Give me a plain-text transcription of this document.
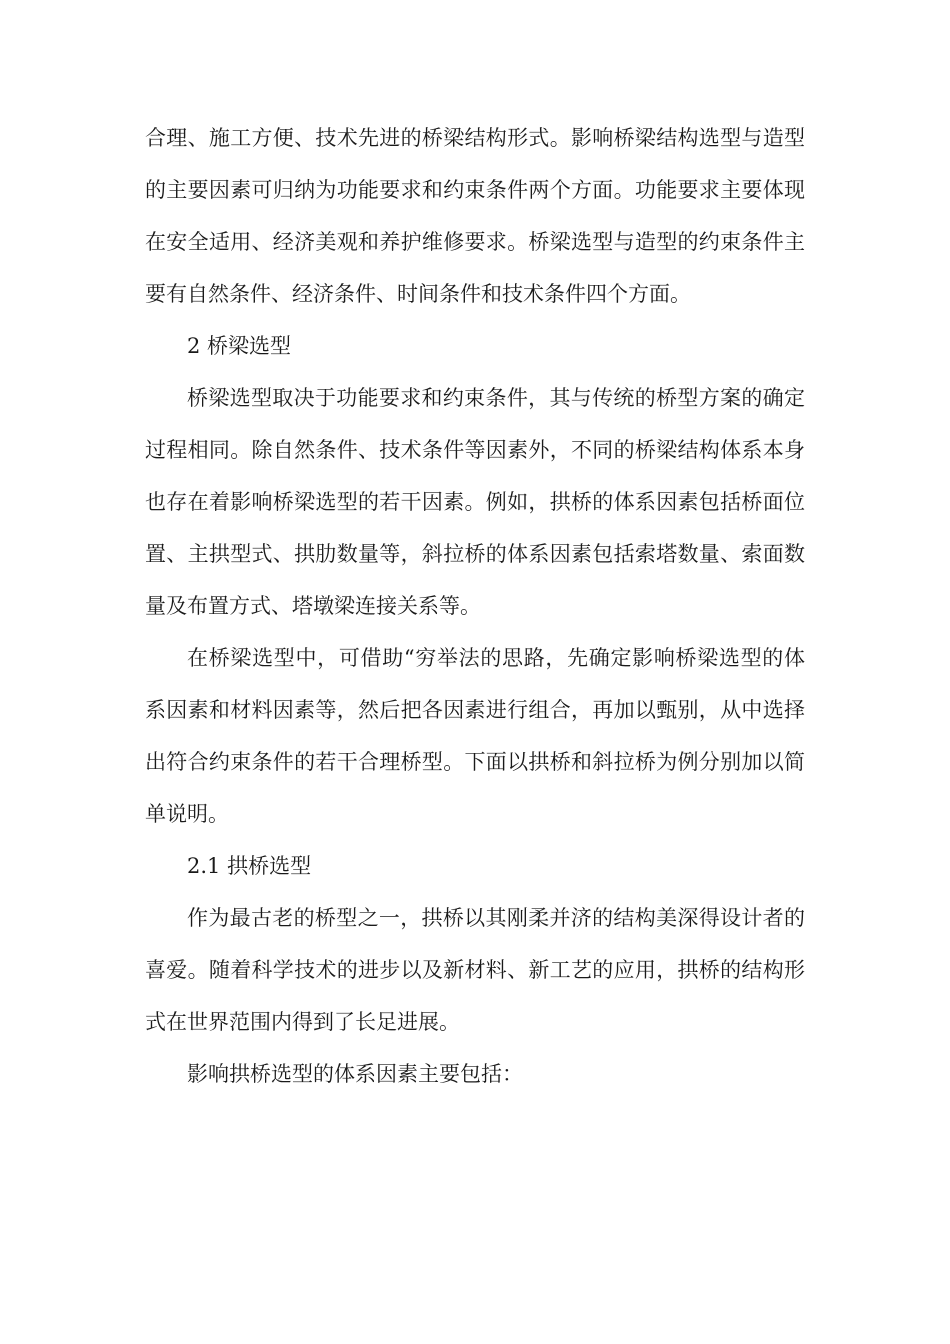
合理、施工方便、技术先进的桥梁结构形式。影响桥梁结构选型与造型的主要因素可归纳为功能要求和约束条件两个方面。功能要求主要体现在安全适用、经济美观和养护维修要求。桥梁选型与造型的约束条件主要有自然条件、经济条件、时间条件和技术条件四个方面。

2 桥梁选型

桥梁选型取决于功能要求和约束条件，其与传统的桥型方案的确定过程相同。除自然条件、技术条件等因素外，不同的桥梁结构体系本身也存在着影响桥梁选型的若干因素。例如，拱桥的体系因素包括桥面位置、主拱型式、拱肋数量等，斜拉桥的体系因素包括索塔数量、索面数量及布置方式、塔墩梁连接关系等。

在桥梁选型中，可借助“穷举法的思路，先确定影响桥梁选型的体系因素和材料因素等，然后把各因素进行组合，再加以甄别，从中选择出符合约束条件的若干合理桥型。下面以拱桥和斜拉桥为例分别加以简单说明。

2.1 拱桥选型

作为最古老的桥型之一，拱桥以其刚柔并济的结构美深得设计者的喜爱。随着科学技术的进步以及新材料、新工艺的应用，拱桥的结构形式在世界范围内得到了长足进展。

影响拱桥选型的体系因素主要包括：
